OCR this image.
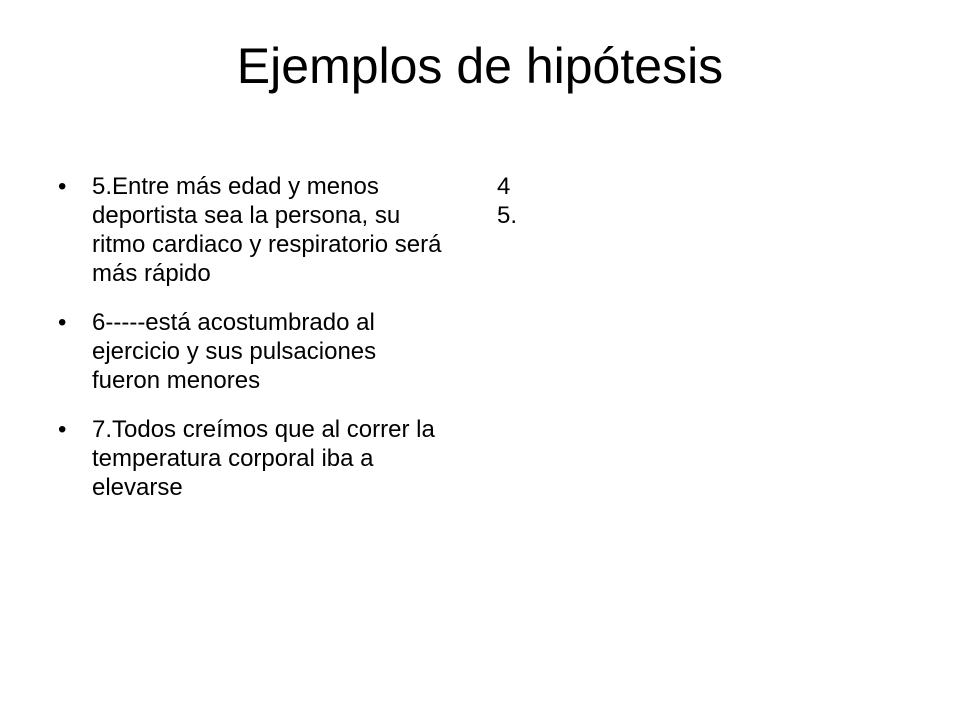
Ejemplos de hipótesis
• 5.Entre más edad y menos deportista sea la persona, su ritmo cardiaco y respiratorio será más rápido
• 6-----está acostumbrado al ejercicio y sus pulsaciones fueron menores
• 7.Todos creímos que al correr la temperatura corporal iba a elevarse

4

5.
